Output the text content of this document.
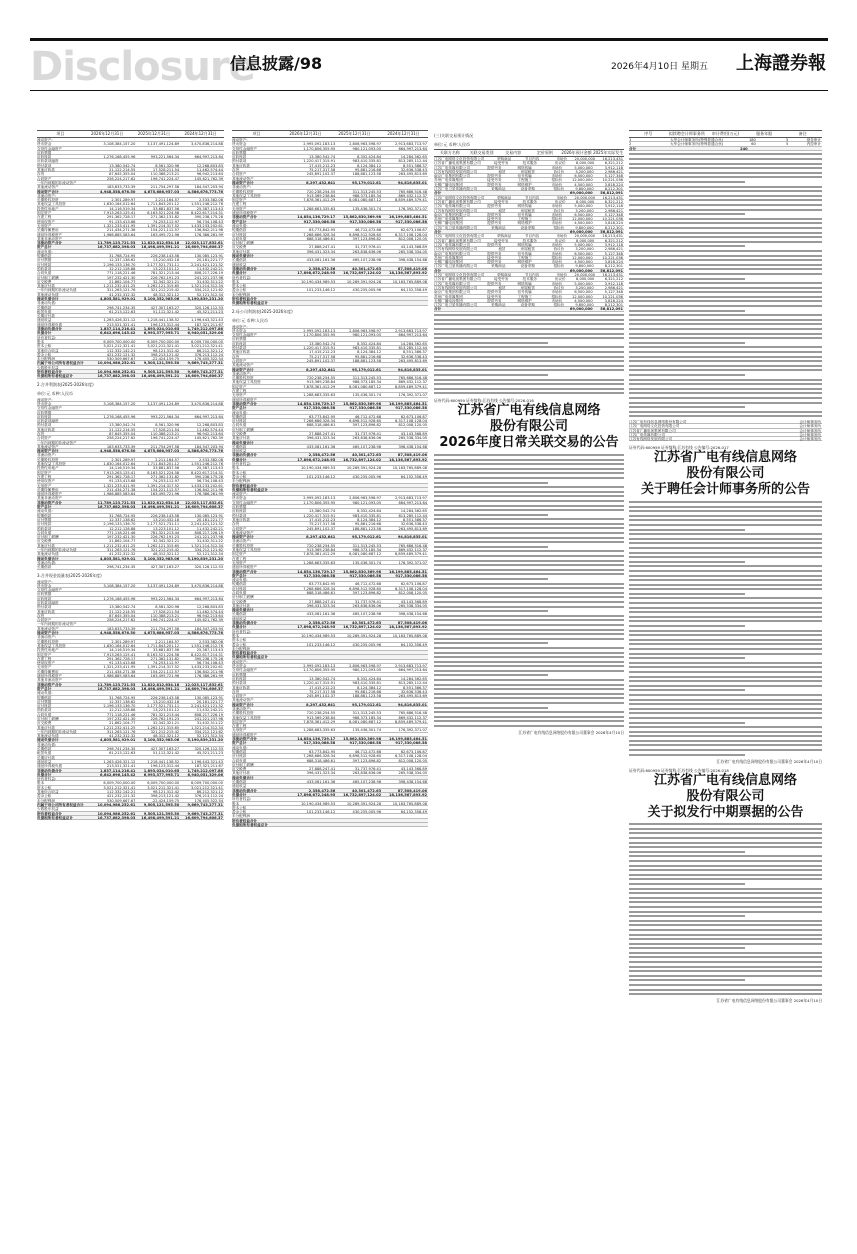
Disclosure
信息披露/98	2026年4月10日 星期五 上海證券報
项目	2026年12月31日	2025年12月31日	2024年12月31日
流动资产:
货币资金	3,108,384,157.20	3,137,491,124.89	3,470,836,214.88
交易性金融资产
应收票据
应收账款	1,276,168,455.96	993,221,564.34	664,997,213.64
应收款项融资
预付款项	13,380,542.74	8,561,320.96	12,268,803.83
其他应收款	21,122,214.55	17,528,211.54	11,462,574.44
存货	87,645,355.04	110,388,213.21	96,942,213.64
合同资产	258,224,217.62	196,741,224.47	145,621,762.39
一年内到期的非流动资产
其他流动资产	183,633,733.39	211,754,297.58	184,547,203.94
流动资产合计	4,948,558,676.50	4,675,686,957.03	4,586,676,773.76
非流动资产:
长期股权投资	2,301,289.97	2,211,164.57	2,533,382.08
其他权益工具投资	1,830,164,012.64	1,711,843,201.12	1,551,246,212.76
投资性房地产	14,116,519.34	33,681,837.56	25,387,113.43
固定资产	7,913,263,125.41	8,163,521,224.58	8,422,617,214.31
在建工程	291,362,728.17	271,362,131.82	390,238,175.28
使用权资产	91,133,413.68	74,253,112.97	56,734,108.43
无形资产	1,321,233,411.95	1,391,214,317.52	1,433,233,202.61
长期待摊费用	211,434,271.38	154,221,112.57	136,842,211.98
递延所得税资产	1,986,885,583.64	163,495,721.96	176,386,261.99
其他非流动资产
非流动资产合计	11,789,123,721.53	11,822,812,634.18	12,023,117,832.61
资产总计	16,737,682,398.03	16,498,499,591.21	16,609,794,606.37
流动负债:
短期借款	31,768,724.95	226,238,143.58	130,085,123.91
应付票据	12,337,138.62	13,210,432.18	20,181,221.77
应付账款	2,196,133,136.70	2,177,521,731.11	2,241,421,121.32
预收款项	12,212,128.88	13,223,101.12	11,432,242.21
合同负债	771,118,221.46	781,321,213.44	808,217,226.19
应付职工薪酬	197,232,421.30	226,762,191.23	241,221,237.98
应交税费	21,862,104.77	32,342,321.21	31,432,311.22
其他应付款	1,211,232,411.25	1,262,121,315.65	1,321,214,312.34
一年内到期的非流动负债	311,263,121.76	321,212,215.42	334,212,121.62
其他流动负债	41,232,312.32	48,312,321.12	52,121,312.34
流动负债合计	4,805,581,929.01	5,100,352,985.06	5,190,839,231.20
非流动负债:
长期借款	298,741,234.35	427,307,163.27	320,126,112.53
租赁负债	61,213,122.63	51,112,321.42	45,321,211.23
长期应付款
递延收益	1,263,426,321.12	1,218,441,138.52	1,196,443,321.43
递延所得税负债	213,521,321.41	196,123,312.44	187,321,211.67
非流动负债合计	1,837,114,216.41	1,893,024,010.65	1,749,212,097.86
负债合计	6,642,696,145.42	6,993,377,995.71	6,940,051,329.06
所有者权益:
股本	6,009,700,000.00	6,009,700,000.00	6,009,700,000.00
资本公积	3,021,212,321.41	3,021,212,321.41	3,021,212,321.41
其他综合收益	112,332,142.21	98,121,312.42	86,212,321.12
盈余公积	421,232,121.32	398,213,121.42	376,213,112.24
未分配利润	530,509,667.67	-22,424,159.75	176,405,522.54
归属于母公司所有者权益合计	10,094,986,252.61	9,505,121,595.50	9,669,743,277.31
少数股东权益
所有者权益合计	10,094,986,252.61	9,505,121,595.50	9,669,743,277.31
负债和所有者权益总计	16,737,682,398.03	16,498,499,591.21	16,609,794,606.37
2.合并利润表(2025-2026年度)
单位:元 币种:人民币
流动资产:
货币资金	3,108,384,157.20	3,137,491,124.89	3,470,836,214.88
交易性金融资产
应收票据
应收账款	1,276,168,455.96	993,221,564.34	664,997,213.64
应收款项融资
预付款项	13,380,542.74	8,561,320.96	12,268,803.83
其他应收款	21,122,214.55	17,528,211.54	11,462,574.44
存货	87,645,355.04	110,388,213.21	96,942,213.64
合同资产	258,224,217.62	196,741,224.47	145,621,762.39
一年内到期的非流动资产
其他流动资产	183,633,733.39	211,754,297.58	184,547,203.94
流动资产合计	4,948,558,676.50	4,675,686,957.03	4,586,676,773.76
非流动资产:
长期股权投资	2,301,289.97	2,211,164.57	2,533,382.08
其他权益工具投资	1,830,164,012.64	1,711,843,201.12	1,551,246,212.76
投资性房地产	14,116,519.34	33,681,837.56	25,387,113.43
固定资产	7,913,263,125.41	8,163,521,224.58	8,422,617,214.31
在建工程	291,362,728.17	271,362,131.82	390,238,175.28
使用权资产	91,133,413.68	74,253,112.97	56,734,108.43
无形资产	1,321,233,411.95	1,391,214,317.52	1,433,233,202.61
长期待摊费用	211,434,271.38	154,221,112.57	136,842,211.98
递延所得税资产	1,986,885,583.64	163,495,721.96	176,386,261.99
其他非流动资产
非流动资产合计	11,789,123,721.53	11,822,812,634.18	12,023,117,832.61
资产总计	16,737,682,398.03	16,498,499,591.21	16,609,794,606.37
流动负债:
短期借款	31,768,724.95	226,238,143.58	130,085,123.91
应付票据	12,337,138.62	13,210,432.18	20,181,221.77
应付账款	2,196,133,136.70	2,177,521,731.11	2,241,421,121.32
预收款项	12,212,128.88	13,223,101.12	11,432,242.21
合同负债	771,118,221.46	781,321,213.44	808,217,226.19
应付职工薪酬	197,232,421.30	226,762,191.23	241,221,237.98
应交税费	21,862,104.77	32,342,321.21	31,432,311.22
其他应付款	1,211,232,411.25	1,262,121,315.65	1,321,214,312.34
一年内到期的非流动负债	311,263,121.76	321,212,215.42	334,212,121.62
其他流动负债	41,232,312.32	48,312,321.12	52,121,312.34
流动负债合计	4,805,581,929.01	5,100,352,985.06	5,190,839,231.20
非流动负债:
长期借款	298,741,234.35	427,307,163.27	320,126,112.53
3.合并现金流量表(2025-2026年度)
流动资产:
货币资金	3,108,384,157.20	3,137,491,124.89	3,470,836,214.88
交易性金融资产
应收票据
应收账款	1,276,168,455.96	993,221,564.34	664,997,213.64
应收款项融资
预付款项	13,380,542.74	8,561,320.96	12,268,803.83
其他应收款	21,122,214.55	17,528,211.54	11,462,574.44
存货	87,645,355.04	110,388,213.21	96,942,213.64
合同资产	258,224,217.62	196,741,224.47	145,621,762.39
一年内到期的非流动资产
其他流动资产	183,633,733.39	211,754,297.58	184,547,203.94
流动资产合计	4,948,558,676.50	4,675,686,957.03	4,586,676,773.76
非流动资产:
长期股权投资	2,301,289.97	2,211,164.57	2,533,382.08
其他权益工具投资	1,830,164,012.64	1,711,843,201.12	1,551,246,212.76
投资性房地产	14,116,519.34	33,681,837.56	25,387,113.43
固定资产	7,913,263,125.41	8,163,521,224.58	8,422,617,214.31
在建工程	291,362,728.17	271,362,131.82	390,238,175.28
使用权资产	91,133,413.68	74,253,112.97	56,734,108.43
无形资产	1,321,233,411.95	1,391,214,317.52	1,433,233,202.61
长期待摊费用	211,434,271.38	154,221,112.57	136,842,211.98
递延所得税资产	1,986,885,583.64	163,495,721.96	176,386,261.99
其他非流动资产
非流动资产合计	11,789,123,721.53	11,822,812,634.18	12,023,117,832.61
资产总计	16,737,682,398.03	16,498,499,591.21	16,609,794,606.37
流动负债:
短期借款	31,768,724.95	226,238,143.58	130,085,123.91
应付票据	12,337,138.62	13,210,432.18	20,181,221.77
应付账款	2,196,133,136.70	2,177,521,731.11	2,241,421,121.32
预收款项	12,212,128.88	13,223,101.12	11,432,242.21
合同负债	771,118,221.46	781,321,213.44	808,217,226.19
应付职工薪酬	197,232,421.30	226,762,191.23	241,221,237.98
应交税费	21,862,104.77	32,342,321.21	31,432,311.22
其他应付款	1,211,232,411.25	1,262,121,315.65	1,321,214,312.34
一年内到期的非流动负债	311,263,121.76	321,212,215.42	334,212,121.62
其他流动负债	41,232,312.32	48,312,321.12	52,121,312.34
流动负债合计	4,805,581,929.01	5,100,352,985.06	5,190,839,231.20
非流动负债:
长期借款	298,741,234.35	427,307,163.27	320,126,112.53
租赁负债	61,213,122.63	51,112,321.42	45,321,211.23
长期应付款
递延收益	1,263,426,321.12	1,218,441,138.52	1,196,443,321.43
递延所得税负债	213,521,321.41	196,123,312.44	187,321,211.67
非流动负债合计	1,837,114,216.41	1,893,024,010.65	1,749,212,097.86
负债合计	6,642,696,145.42	6,993,377,995.71	6,940,051,329.06
所有者权益:
股本	6,009,700,000.00	6,009,700,000.00	6,009,700,000.00
资本公积	3,021,212,321.41	3,021,212,321.41	3,021,212,321.41
其他综合收益	112,332,142.21	98,121,312.42	86,212,321.12
盈余公积	421,232,121.32	398,213,121.42	376,213,112.24
未分配利润	530,509,667.67	-22,424,159.75	176,405,522.54
归属于母公司所有者权益合计	10,094,986,252.61	9,505,121,595.50	9,669,743,277.31
少数股东权益
所有者权益合计	10,094,986,252.61	9,505,121,595.50	9,669,743,277.31
负债和所有者权益总计	16,737,682,398.03	16,498,499,591.21	16,609,794,606.37
项目	2026年12月31日	2025年12月31日	2024年12月31日
流动资产:
货币资金	2,995,092,183.13	2,806,963,598.97	2,913,683,713.97
交易性金融资产	1,170,806,355.95	980,121,093.05	664,997,213.64
应收票据
应收账款	13,380,542.74	8,352,424.84	14,284,362.65
预付款项	1,220,417,315.91	983,410,335.81	813,285,112.44
其他应收款	17,415,212.23	8,124,384.12	8,551,386.37
存货	75,217,317.58	95,881,216.68	32,636,338.43
合同资产	245,891,102.37	188,881,123.58	263,495,813.69
其他流动资产
流动资产合计	8,297,432,641	95,179,012.61	94,816,835.01
非流动资产:
长期股权投资	720,238,254.55	311,313,245.53	765,686,516.48
其他权益工具投资	913,369,238.84	988,373,185.34	869,432,112.37
固定资产	7,878,361,412.29	8,081,080,687.12	8,859,489,379.41
在建工程
无形资产	1,288,683,335.63	135,436,301.74	176,392,371.07
递延所得税资产
非流动资产合计	14,854,136,729.17	15,862,830,369.98	16,199,885,464.51
资产总计	917,330,086.58	917,330,086.58	917,330,086.58
流动负债:
短期借款	63,773,842.95	46,712,472.68	62,673,106.87
应付账款	7,268,686,328.34	6,898,512,928.60	6,317,108,128.04
合同负债	688,318,486.61	397,123,896.82	812,008,120.05
应付职工薪酬
应交税费	27,888,247.41	31,737,976.41	43,143,368.89
其他应付款	396,431,323.34	263,838,636.06	265,538,334.05
流动负债合计
长期借款	433,081,161.36	465,107,238.98	398,438,154.68
递延收益
非流动负债合计	2,358,472.56	40,301,472.63	87,508,419.06
负债合计	17,898,672,248.95	16,732,897,124.02	18,136,567,893.92
所有者权益:
股本	10,190,434,989.53	10,289,391,924.28	10,163,765,889.08
资本公积
盈余公积	101,233,146.12	430,255,005.96	64,152,358.49
未分配利润
所有者权益合计
负债和所有者权益总计
2.母公司利润表(2025-2026年度)
单位:元 币种:人民币
流动资产:
货币资金	2,995,092,183.13	2,806,963,598.97	2,913,683,713.97
交易性金融资产	1,170,806,355.95	980,121,093.05	664,997,213.64
应收票据
应收账款	13,380,542.74	8,352,424.84	14,284,362.65
预付款项	1,220,417,315.91	983,410,335.81	813,285,112.44
其他应收款	17,415,212.23	8,124,384.12	8,551,386.37
存货	75,217,317.58	95,881,216.68	32,636,338.43
合同资产	245,891,102.37	188,881,123.58	263,495,813.69
其他流动资产
流动资产合计	8,297,432,641	95,179,012.61	94,816,835.01
非流动资产:
长期股权投资	720,238,254.55	311,313,245.53	765,686,516.48
其他权益工具投资	913,369,238.84	988,373,185.34	869,432,112.37
固定资产	7,878,361,412.29	8,081,080,687.12	8,859,489,379.41
在建工程
无形资产	1,288,683,335.63	135,436,301.74	176,392,371.07
递延所得税资产
非流动资产合计	14,854,136,729.17	15,862,830,369.98	16,199,885,464.51
资产总计	917,330,086.58	917,330,086.58	917,330,086.58
流动负债:
短期借款	63,773,842.95	46,712,472.68	62,673,106.87
应付账款	7,268,686,328.34	6,898,512,928.60	6,317,108,128.04
合同负债	688,318,486.61	397,123,896.82	812,008,120.05
应付职工薪酬
应交税费	27,888,247.41	31,737,976.41	43,143,368.89
其他应付款	396,431,323.34	263,838,636.06	265,538,334.05
流动负债合计
长期借款	433,081,161.36	465,107,238.98	398,438,154.68
递延收益
非流动负债合计	2,358,472.56	40,301,472.63	87,508,419.06
负债合计	17,898,672,248.95	16,732,897,124.02	18,136,567,893.92
所有者权益:
股本	10,190,434,989.53	10,289,391,924.28	10,163,765,889.08
资本公积
盈余公积	101,233,146.12	430,255,005.96	64,152,358.49
未分配利润
所有者权益合计
负债和所有者权益总计
流动资产:
货币资金	2,995,092,183.13	2,806,963,598.97	2,913,683,713.97
交易性金融资产	1,170,806,355.95	980,121,093.05	664,997,213.64
应收票据
应收账款	13,380,542.74	8,352,424.84	14,284,362.65
预付款项	1,220,417,315.91	983,410,335.81	813,285,112.44
其他应收款	17,415,212.23	8,124,384.12	8,551,386.37
存货	75,217,317.58	95,881,216.68	32,636,338.43
合同资产	245,891,102.37	188,881,123.58	263,495,813.69
其他流动资产
流动资产合计	8,297,432,641	95,179,012.61	94,816,835.01
非流动资产:
长期股权投资	720,238,254.55	311,313,245.53	765,686,516.48
其他权益工具投资	913,369,238.84	988,373,185.34	869,432,112.37
固定资产	7,878,361,412.29	8,081,080,687.12	8,859,489,379.41
在建工程
无形资产	1,288,683,335.63	135,436,301.74	176,392,371.07
递延所得税资产
非流动资产合计	14,854,136,729.17	15,862,830,369.98	16,199,885,464.51
资产总计	917,330,086.58	917,330,086.58	917,330,086.58
流动负债:
短期借款	63,773,842.95	46,712,472.68	62,673,106.87
应付账款	7,268,686,328.34	6,898,512,928.60	6,317,108,128.04
合同负债	688,318,486.61	397,123,896.82	812,008,120.05
应付职工薪酬
应交税费	27,888,247.41	31,737,976.41	43,143,368.89
其他应付款	396,431,323.34	263,838,636.06	265,538,334.05
流动负债合计
长期借款	433,081,161.36	465,107,238.98	398,438,154.68
递延收益
非流动负债合计	2,358,472.56	40,301,472.63	87,508,419.06
负债合计	17,898,672,248.95	16,732,897,124.02	18,136,567,893.92
所有者权益:
股本	10,190,434,989.53	10,289,391,924.28	10,163,765,889.08
资本公积
盈余公积	101,233,146.12	430,255,005.96	64,152,358.49
未分配利润
所有者权益合计
负债和所有者权益总计
流动资产:
货币资金	2,995,092,183.13	2,806,963,598.97	2,913,683,713.97
交易性金融资产	1,170,806,355.95	980,121,093.05	664,997,213.64
应收票据
应收账款	13,380,542.74	8,352,424.84	14,284,362.65
预付款项	1,220,417,315.91	983,410,335.81	813,285,112.44
其他应收款	17,415,212.23	8,124,384.12	8,551,386.37
存货	75,217,317.58	95,881,216.68	32,636,338.43
合同资产	245,891,102.37	188,881,123.58	263,495,813.69
其他流动资产
流动资产合计	8,297,432,641	95,179,012.61	94,816,835.01
非流动资产:
长期股权投资	720,238,254.55	311,313,245.53	765,686,516.48
其他权益工具投资	913,369,238.84	988,373,185.34	869,432,112.37
固定资产	7,878,361,412.29	8,081,080,687.12	8,859,489,379.41
在建工程
无形资产	1,288,683,335.63	135,436,301.74	176,392,371.07
递延所得税资产
非流动资产合计	14,854,136,729.17	15,862,830,369.98	16,199,885,464.51
资产总计	917,330,086.58	917,330,086.58	917,330,086.58
流动负债:
短期借款	63,773,842.95	46,712,472.68	62,673,106.87
应付账款	7,268,686,328.34	6,898,512,928.60	6,317,108,128.04
合同负债	688,318,486.61	397,123,896.82	812,008,120.05
应付职工薪酬
应交税费	27,888,247.41	31,737,976.41	43,143,368.89
其他应付款	396,431,323.34	263,838,636.06	265,538,334.05
流动负债合计
长期借款	433,081,161.36	465,107,238.98	398,438,154.68
递延收益
非流动负债合计	2,358,472.56	40,301,472.63	87,508,419.06
负债合计	17,898,672,248.95	16,732,897,124.02	18,136,567,893.92
所有者权益:
股本	10,190,434,989.53	10,289,391,924.28	10,163,765,889.08
资本公积
盈余公积	101,233,146.12	430,255,005.96	64,152,358.49
未分配利润
所有者权益合计
负债和所有者权益总计
(三)关联交易预计情况
单位:元 币种:人民币
关联方名称	关联交易类别	交易内容	定价原则	2026年预计金额 2025年实际发生
江苏广电网络文化投资有限公司	采购商品	节目内容	市场价	20,000,000	16,213,431
江苏省广播电视集团有限公司	接受劳务	技术服务	协议价	8,000,000	6,321,212
江苏广电传媒有限公司	提供劳务	网络传输	市场价	5,000,000	3,912,118
江苏有线网络发展有限公司	租赁	房屋租赁	协议价	3,200,000	2,986,421
南京广电集团有限公司	提供劳务	信号传输	市场价	6,500,000	5,127,348
苏州广电传媒集团	接受劳务	工程施工	招标价	12,000,000	10,221,036
无锡广播电视集团	提供劳务	网络维护	市场价	4,500,000	3,818,224
江苏广电卫星传播有限公司	采购商品	设备采购	招标价	9,800,000	8,212,301
合计	69,000,000	56,812,091
江苏广电网络文化投资有限公司	采购商品	节目内容	市场价	20,000,000	16,213,431
江苏省广播电视集团有限公司	接受劳务	技术服务	协议价	8,000,000	6,321,212
江苏广电传媒有限公司	提供劳务	网络传输	市场价	5,000,000	3,912,118
江苏有线网络发展有限公司	租赁	房屋租赁	协议价	3,200,000	2,986,421
南京广电集团有限公司	提供劳务	信号传输	市场价	6,500,000	5,127,348
苏州广电传媒集团	接受劳务	工程施工	招标价	12,000,000	10,221,036
无锡广播电视集团	提供劳务	网络维护	市场价	4,500,000	3,818,224
江苏广电卫星传播有限公司	采购商品	设备采购	招标价	9,800,000	8,212,301
合计	69,000,000	56,812,091
江苏广电网络文化投资有限公司	采购商品	节目内容	市场价	20,000,000	16,213,431
江苏省广播电视集团有限公司	接受劳务	技术服务	协议价	8,000,000	6,321,212
江苏广电传媒有限公司	提供劳务	网络传输	市场价	5,000,000	3,912,118
江苏有线网络发展有限公司	租赁	房屋租赁	协议价	3,200,000	2,986,421
南京广电集团有限公司	提供劳务	信号传输	市场价	6,500,000	5,127,348
苏州广电传媒集团	接受劳务	工程施工	招标价	12,000,000	10,221,036
无锡广播电视集团	提供劳务	网络维护	市场价	4,500,000	3,818,224
江苏广电卫星传播有限公司	采购商品	设备采购	招标价	9,800,000	8,212,301
合计	69,000,000	56,812,091
江苏广电网络文化投资有限公司	采购商品	节目内容	市场价	20,000,000	16,213,431
江苏省广播电视集团有限公司	接受劳务	技术服务	协议价	8,000,000	6,321,212
江苏广电传媒有限公司	提供劳务	网络传输	市场价	5,000,000	3,912,118
江苏有线网络发展有限公司	租赁	房屋租赁	协议价	3,200,000	2,986,421
南京广电集团有限公司	提供劳务	信号传输	市场价	6,500,000	5,127,348
苏州广电传媒集团	接受劳务	工程施工	招标价	12,000,000	10,221,036
无锡广播电视集团	提供劳务	网络维护	市场价	4,500,000	3,818,224
江苏广电卫星传播有限公司	采购商品	设备采购	招标价	9,800,000	8,212,301
合计	69,000,000	56,812,091
证券代码:600959 证券简称:江苏有线 公告编号:2026-016
江苏省广电有线信息网络
股份有限公司
2026年度日常关联交易的公告
江苏省广电有线信息网络股份有限公司董事会 2026年4月10日
序号	拟续聘会计师事务所	审计费用(万元)	服务年限	备注
1	大华会计师事务所(特殊普通合伙)	180	5	财务审计
2	大华会计师事务所(特殊普通合伙)	60	5	内控审计
合计	240
江苏广电有线信息网络股份有限公司	会计师事务所
江苏广电网络文化投资有限公司	会计师事务所
江苏省广播电视集团有限公司	会计师事务所
江苏广电传媒有限公司	会计师事务所
江苏有线网络发展有限公司	会计师事务所
证券代码:600959 证券简称:江苏有线 公告编号:2026-017
江苏省广电有线信息网络
股份有限公司
关于聘任会计师事务所的公告
江苏省广电有线信息网络股份有限公司董事会 2026年4月10日
证券代码:600959 证券简称:江苏有线 公告编号:2026-018
江苏省广电有线信息网络
股份有限公司
关于拟发行中期票据的公告
江苏省广电有线信息网络股份有限公司董事会 2026年4月10日
